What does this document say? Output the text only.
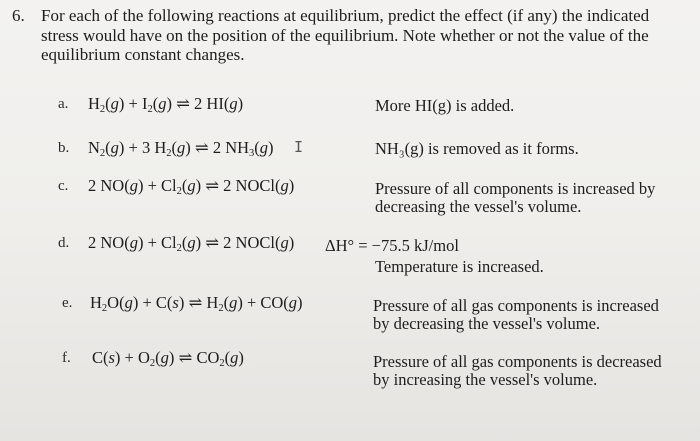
6. For each of the following reactions at equilibrium, predict the effect (if any) the indicated stress would have on the position of the equilibrium. Note whether or not the value of the equilibrium constant changes.
a. $H_2(g) + I_2(g)$ ⇌ 2 HI(g)	More HI(g) is added.
b. $N_2(g) + 3$ $H_2(g)$ ⇌ 2 $NH_3(g)$	NH₃(g) is removed as it forms.
I
c. 2 $NO(g) + Cl_2(g)$ ⇌ 2 NOCl(g)	Pressure of all components is increased by decreasing the vessel's volume.
d. 2 $NO(g) + Cl_2(g)$ ⇌ 2 NOCl(g) ΔH° = −75.5 kJ/mol
Temperature is increased.
e. $H_2O(g) + C(s)$ ⇌ $H_2(g) + CO(g)$	Pressure of all gas components is increased by decreasing the vessel's volume.
f. $C(s) + O_2(g)$ ⇌ $CO_2(g)$	Pressure of all gas components is decreased by increasing the vessel's volume.
